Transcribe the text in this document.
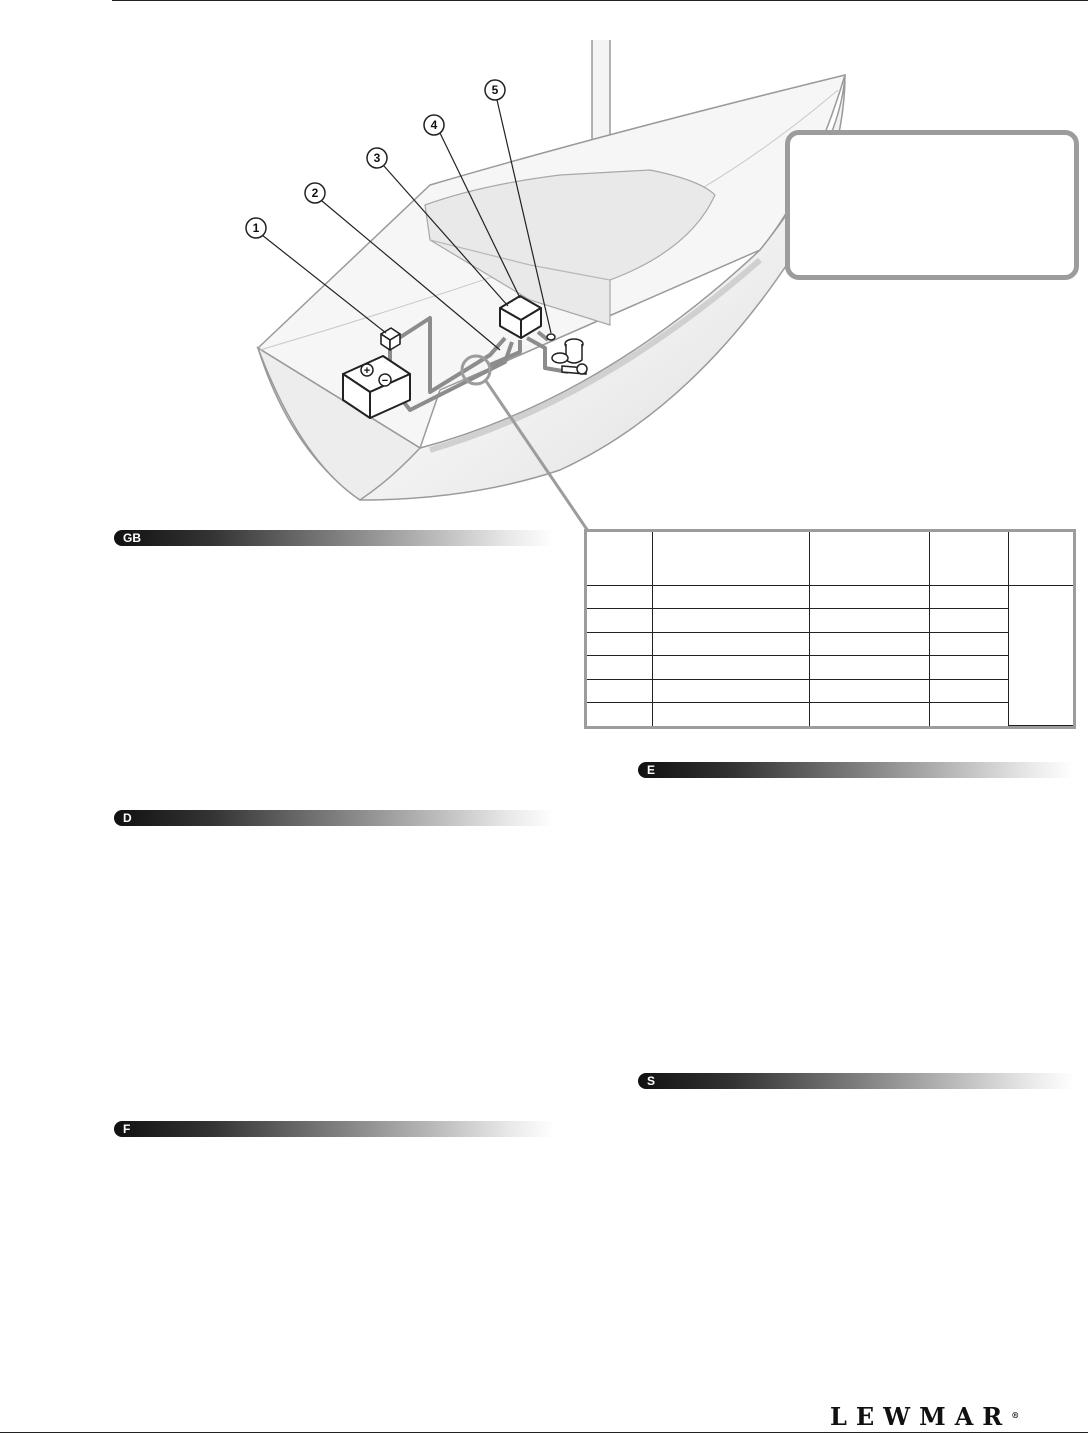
+
−
1
2
3
4
5
GB
D
F
E
S

LEWMAR®
